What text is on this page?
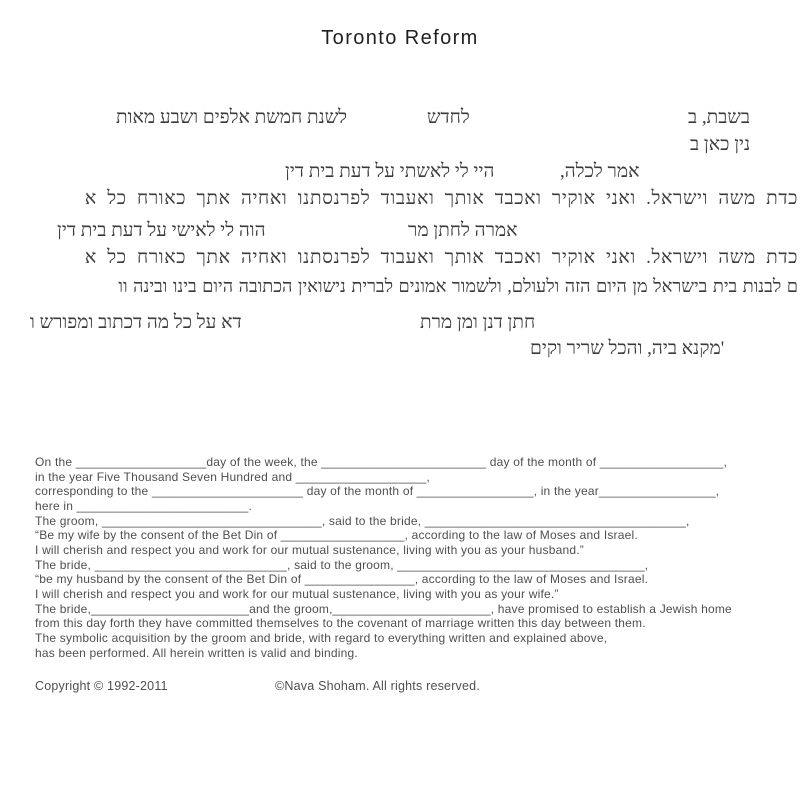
Toronto Reform
לשנת חמשת אלפים ושבע מאות	לחדש	בשבת, ב
נין כאן ב
אמר לכלה,
היי לי לאשתי על דעת בית דין
כדת משה וישראל. ואני אוקיר ואכבד אותך ואעבוד לפרנסתנו ואחיה אתך כאורח כל א
אמרה לחתן מר
הוה לי לאישי על דעת בית דין
כדת משה וישראל. ואני אוקיר ואכבד אותך ואעבוד לפרנסתנו ואחיה אתך כאורח כל א
ם לבנות בית בישראל מן היום הזה ולעולם, ולשמור אמונים לברית נישואין הכתובה היום בינו ובינה וו
חתן דנן ומן מרת
דא על כל מה דכתוב ומפורש ו
'מקנא ביה, והכל שריר וקים
On the ___________________day of the week, the ________________________ day of the month of __________________,
in the year Five Thousand Seven Hundred and ___________________,
corresponding to the ______________________ day of the month of _________________, in the year_________________,
here in _________________________.
The groom, ________________________________, said to the bride, ______________________________________,
“Be my wife by the consent of the Bet Din of __________________, according to the law of Moses and Israel.
I will cherish and respect you and work for our mutual sustenance, living with you as your husband.”
The bride, ____________________________, said to the groom, ____________________________________,
“be my husband by the consent of the Bet Din of ________________, according to the law of Moses and Israel.
I will cherish and respect you and work for our mutual sustenance, living with you as your wife.”
The bride,_______________________and the groom,_______________________, have promised to establish a Jewish home
from this day forth they have committed themselves to the covenant of marriage written this day between them.
The symbolic acquisition by the groom and bride, with regard to everything written and explained above,
has been performed. All herein written is valid and binding.
Copyright © 1992-2011	©Nava Shoham. All rights reserved.
